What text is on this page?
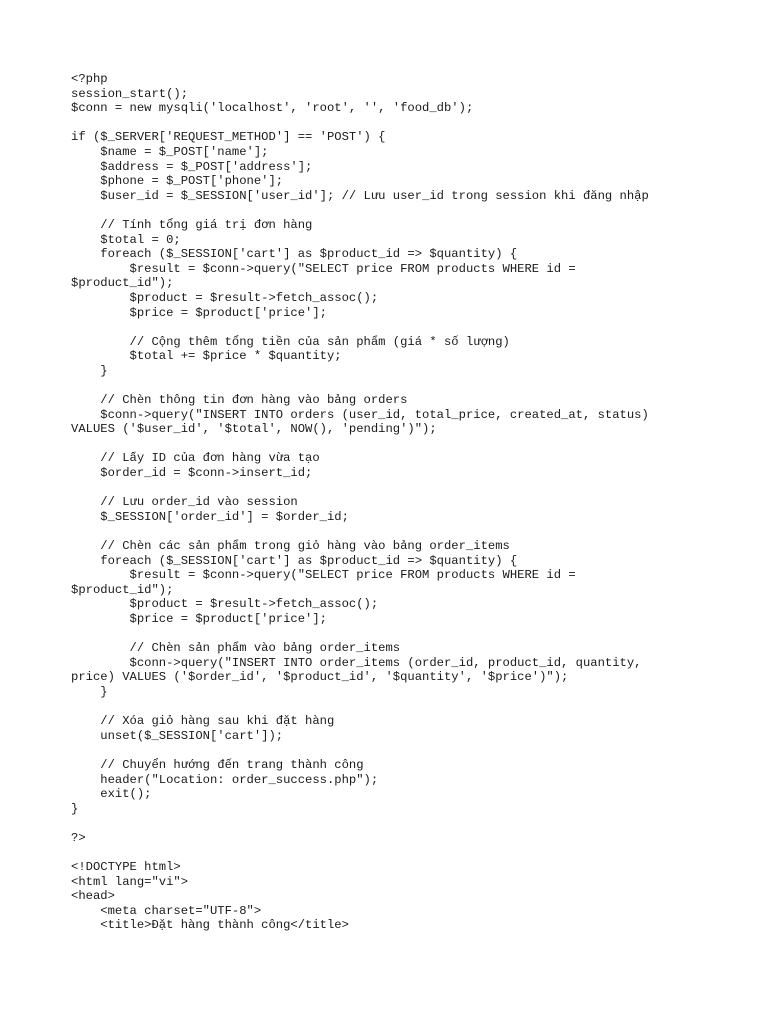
<?php
session_start();
$conn = new mysqli('localhost', 'root', '', 'food_db');
if ($_SERVER['REQUEST_METHOD'] == 'POST') {
$name = $_POST['name'];
$address = $_POST['address'];
$phone = $_POST['phone'];
$user_id = $_SESSION['user_id']; // Lưu user_id trong session khi đăng nhập
// Tính tổng giá trị đơn hàng
$total = 0;
foreach ($_SESSION['cart'] as $product_id => $quantity) {
$result = $conn->query("SELECT price FROM products WHERE id =
$product_id");
$product = $result->fetch_assoc();
$price = $product['price'];
// Cộng thêm tổng tiền của sản phẩm (giá * số lượng)
$total += $price * $quantity;
}
// Chèn thông tin đơn hàng vào bảng orders
$conn->query("INSERT INTO orders (user_id, total_price, created_at, status)
VALUES ('$user_id', '$total', NOW(), 'pending')");
// Lấy ID của đơn hàng vừa tạo
$order_id = $conn->insert_id;
// Lưu order_id vào session
$_SESSION['order_id'] = $order_id;
// Chèn các sản phẩm trong giỏ hàng vào bảng order_items
foreach ($_SESSION['cart'] as $product_id => $quantity) {
$result = $conn->query("SELECT price FROM products WHERE id =
$product_id");
$product = $result->fetch_assoc();
$price = $product['price'];
// Chèn sản phẩm vào bảng order_items
$conn->query("INSERT INTO order_items (order_id, product_id, quantity,
price) VALUES ('$order_id', '$product_id', '$quantity', '$price')");
}
// Xóa giỏ hàng sau khi đặt hàng
unset($_SESSION['cart']);
// Chuyển hướng đến trang thành công
header("Location: order_success.php");
exit();
}
?>
<!DOCTYPE html>
<html lang="vi">
<head>
<meta charset="UTF-8">
<title>Đặt hàng thành công</title>
